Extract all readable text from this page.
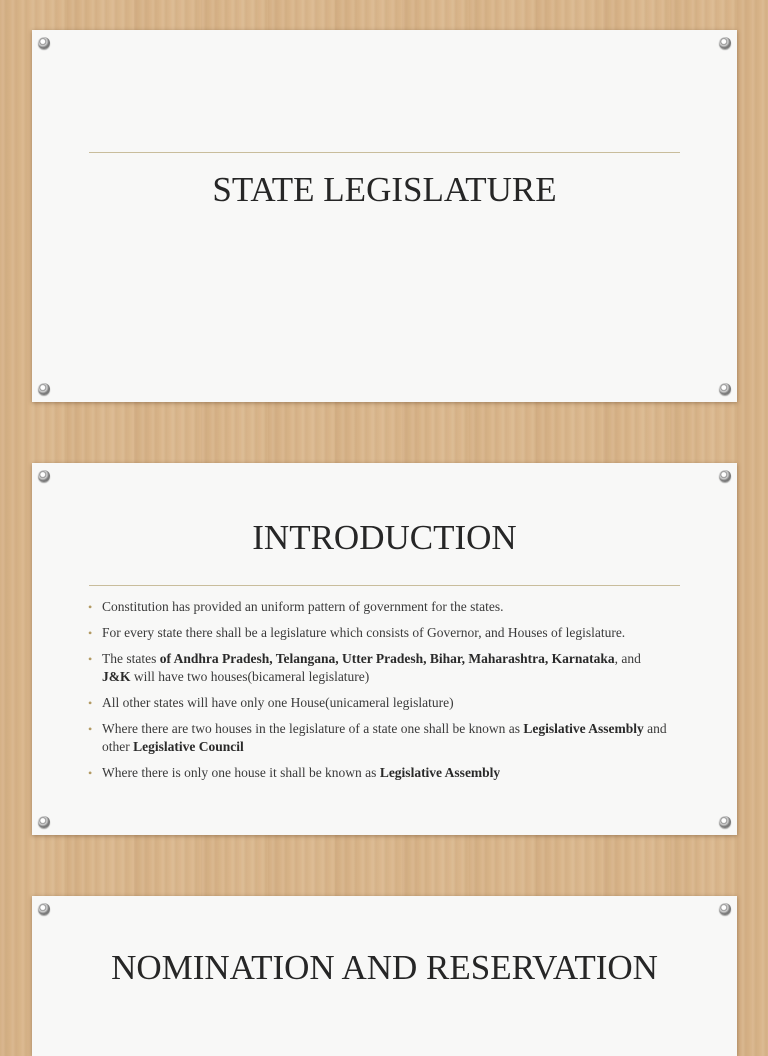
STATE LEGISLATURE
INTRODUCTION
• Constitution has provided an uniform pattern of government for the states.
• For every state there shall be a legislature which consists of Governor, and Houses of legislature.
• The states of Andhra Pradesh, Telangana, Utter Pradesh, Bihar, Maharashtra, Karnataka, and J&K will have two houses(bicameral legislature)
• All other states will have only one House(unicameral legislature)
• Where there are two houses in the legislature of a state one shall be known as Legislative Assembly and other Legislative Council
• Where there is only one house it shall be known as Legislative Assembly
NOMINATION AND RESERVATION
